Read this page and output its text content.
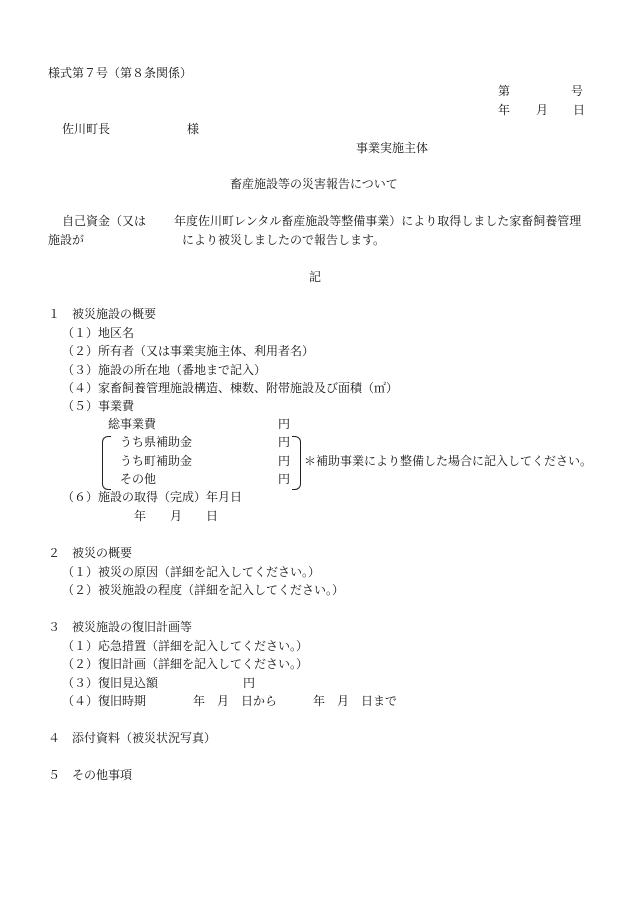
様式第７号（第８条関係）
第	号
年 月 日
佐川町長	様
事業実施主体
畜産施設等の災害報告について
自己資金（又は 年度佐川町レンタル畜産施設等整備事業）により取得しました家畜飼養管理
施設が	により被災しましたので報告します。
記
１　被災施設の概要
（１）地区名
（２）所有者（又は事業実施主体、利用者名）
（３）施設の所在地（番地まで記入）
（４）家畜飼養管理施設構造、棟数、附帯施設及び面積（㎡）
（５）事業費
総事業費	円
うち県補助金	円
うち町補助金	円
その他	円
＊補助事業により整備した場合に記入してください。
（６）施設の取得（完成）年月日
年　　月　　日
２　被災の概要
（１）被災の原因（詳細を記入してください。）
（２）被災施設の程度（詳細を記入してください。）
３　被災施設の復旧計画等
（１）応急措置（詳細を記入してください。）
（２）復旧計画（詳細を記入してください。）
（３）復旧見込額	円
（４）復旧時期	年　月　日から	年　月　日まで
４　添付資料（被災状況写真）
５　その他事項
